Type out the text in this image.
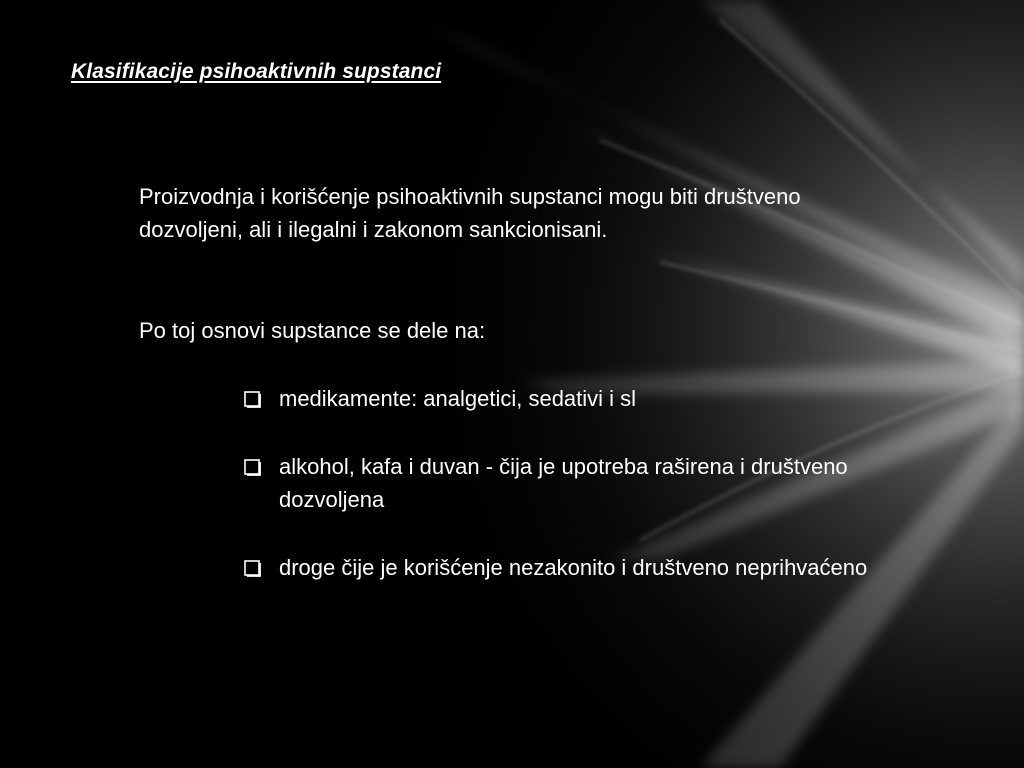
Klasifikacije psihoaktivnih supstanci

Proizvodnja i korišćenje psihoaktivnih supstanci mogu biti društveno dozvoljeni, ali i ilegalni i zakonom sankcionisani.

Po toj osnovi supstance se dele na:

medikamente: analgetici, sedativi i sl
alkohol, kafa i duvan - čija je upotreba raširena i društveno dozvoljena
droge čije je korišćenje nezakonito i društveno neprihvaćeno
